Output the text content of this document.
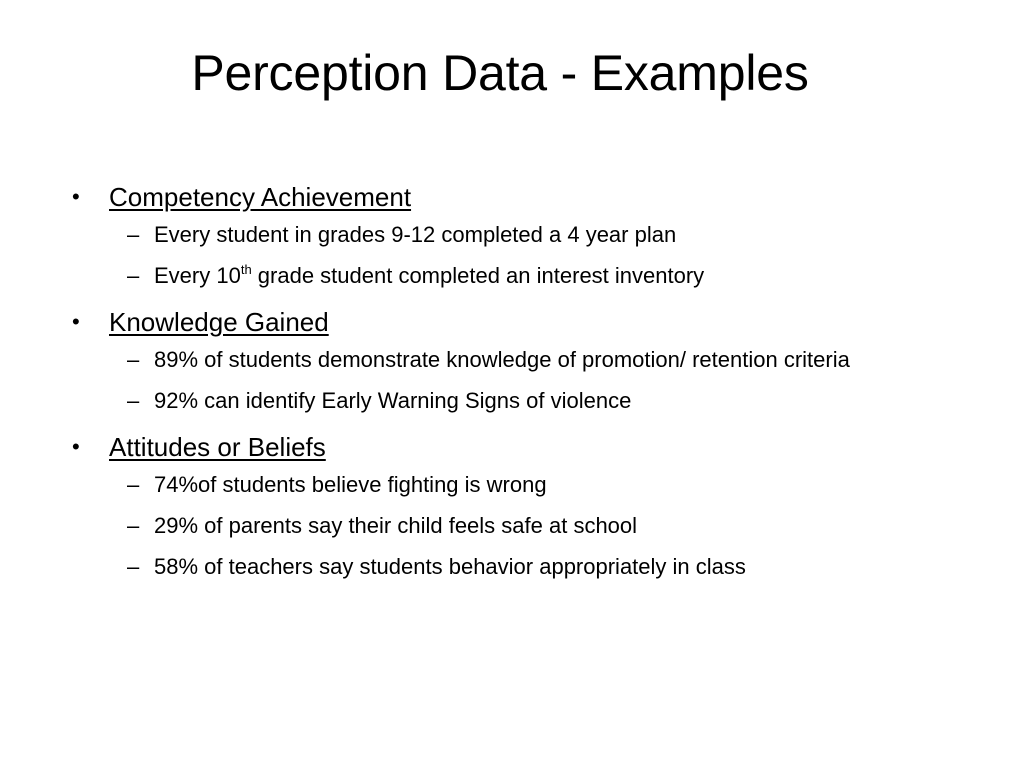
Perception Data - Examples
•	Competency Achievement
– Every student in grades 9-12 completed a 4 year plan
– Every 10th grade student completed an interest inventory
•	Knowledge Gained
– 89% of students demonstrate knowledge of promotion/ retention criteria
– 92% can identify Early Warning Signs of violence
•	Attitudes or Beliefs
– 74%of students believe fighting is wrong
– 29% of parents say their child feels safe at school
– 58% of teachers say students behavior appropriately in class
